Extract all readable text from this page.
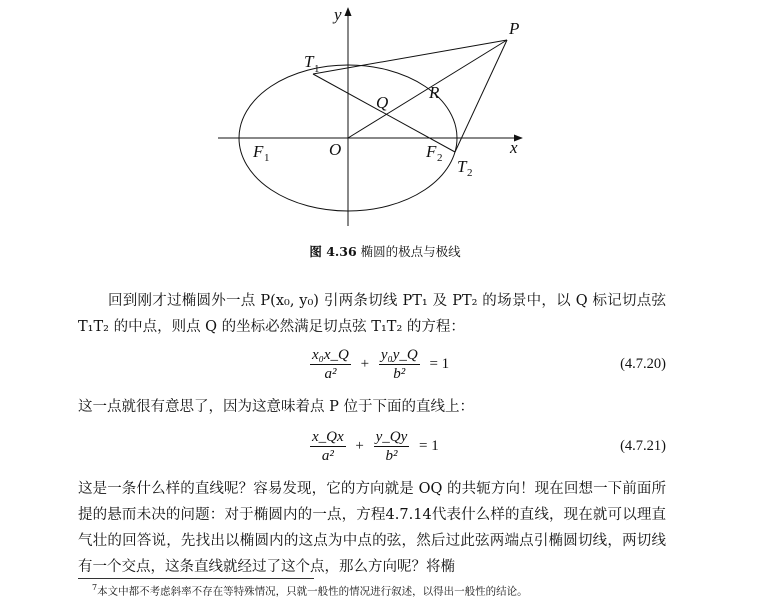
y
x
P
T 1
T 2
Q
R
O
F 1	F 2
图 4.36 椭圆的极点与极线
回到刚才过椭圆外一点 P(x₀, y₀) 引两条切线 PT₁ 及 PT₂ 的场景中，以 Q 标记切点弦 T₁T₂ 的中点，则点 Q 的坐标必然满足切点弦 T₁T₂ 的方程：
$\frac{\text{x₀x\_Q}}{\text{a²}} + \frac{\text{y₀y\_Q}}{\text{b²}} = 1$	(4.7.20)
这一点就很有意思了，因为这意味着点 P 位于下面的直线上：
$\frac{x\_Qx}{\text{a²}} + \frac{y\_Qy}{\text{b²}} = 1$	(4.7.21)
这是一条什么样的直线呢？容易发现，它的方向就是 OQ 的共轭方向！现在回想一下前面所提的悬而未决的问题：对于椭圆内的一点，方程4.7.14代表什么样的直线，现在就可以理直气壮的回答说，先找出以椭圆内的这点为中点的弦，然后过此弦两端点引椭圆切线，两切线有一个交点，这条直线就经过了这个点，那么方向呢？将椭
$^7$本文中都不考虑斜率不存在等特殊情况，只就一般性的情况进行叙述，以得出一般性的结论。
